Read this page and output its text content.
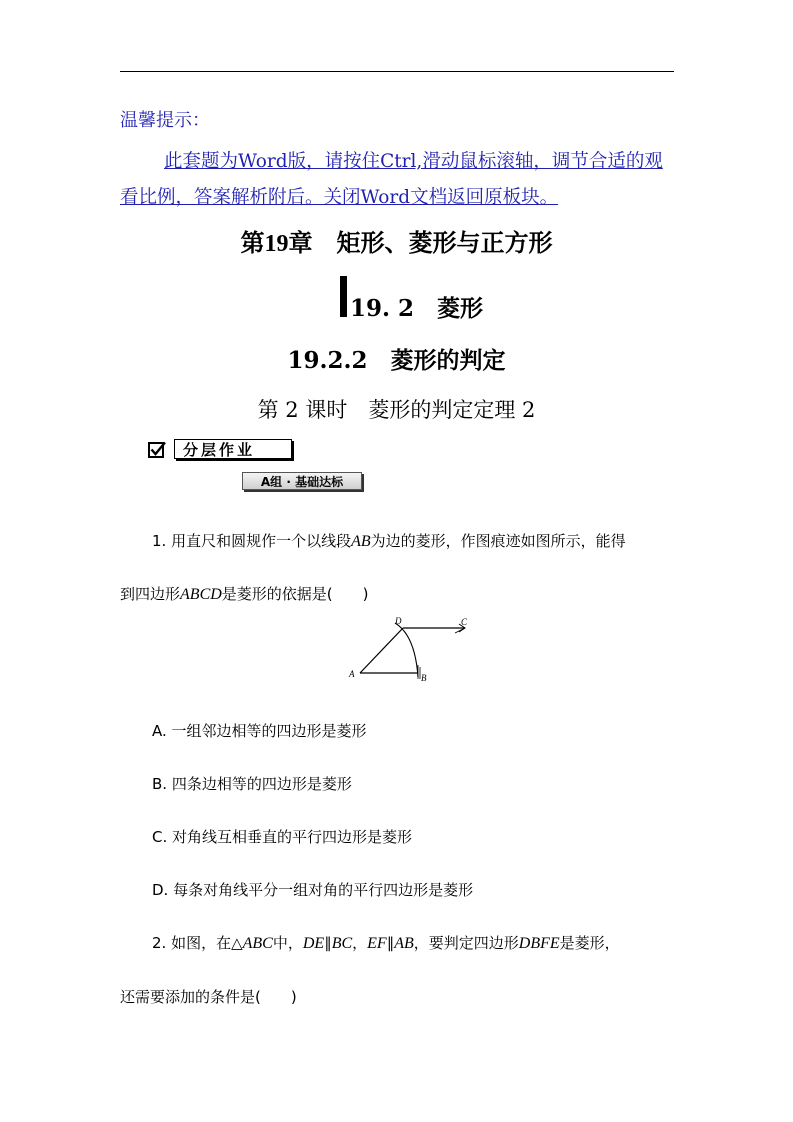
温馨提示：
此套题为Word版，请按住Ctrl,滑动鼠标滚轴，调节合适的观看比例，答案解析附后。关闭Word文档返回原板块。
第19章　矩形、菱形与正方形
19. 2　菱形
19.2.2　菱形的判定
第 2 课时　菱形的判定定理 2
分层作业
A组 · 基础达标
1. 用直尺和圆规作一个以线段AB为边的菱形，作图痕迹如图所示，能得
到四边形ABCD是菱形的依据是(　　)
A	B
C
D
A. 一组邻边相等的四边形是菱形
B. 四条边相等的四边形是菱形
C. 对角线互相垂直的平行四边形是菱形
D. 每条对角线平分一组对角的平行四边形是菱形
2. 如图，在△ABC中，DE∥BC，EF∥AB，要判定四边形DBFE是菱形，
还需要添加的条件是(　　)
